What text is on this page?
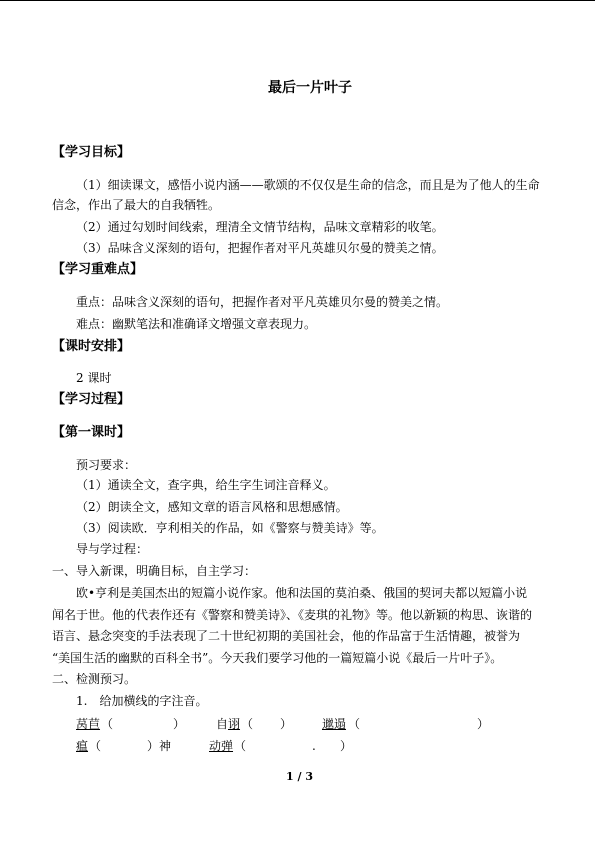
最后一片叶子
【学习目标】
（1）细读课文，感悟小说内涵——歌颂的不仅仅是生命的信念，而且是为了他人的生命
信念，作出了最大的自我牺牲。
（2）通过勾划时间线索，理清全文情节结构，品味文章精彩的收笔。
（3）品味含义深刻的语句，把握作者对平凡英雄贝尔曼的赞美之情。
【学习重难点】
重点：品味含义深刻的语句，把握作者对平凡英雄贝尔曼的赞美之情。
难点：幽默笔法和准确译文增强文章表现力。
【课时安排】
2 课时
【学习过程】
【第一课时】
预习要求：
（1）通读全文，查字典，给生字生词注音释义。
（2）朗读全文，感知文章的语言风格和思想感情。
（3）阅读欧．亨利相关的作品，如《警察与赞美诗》等。
导与学过程：
一、导入新课，明确目标，自主学习：
欧•亨利是美国杰出的短篇小说作家。他和法国的莫泊桑、俄国的契诃夫都以短篇小说
闻名于世。他的代表作还有《警察和赞美诗》、《麦琪的礼物》等。他以新颖的构思、诙谐的
语言、悬念突变的手法表现了二十世纪初期的美国社会，他的作品富于生活情趣，被誉为
“美国生活的幽默的百科全书”。今天我们要学习他的一篇短篇小说《最后一片叶子》。
二、检测预习。
1.　给加横线的字注音。
莴苣 （	）	自 诩 （ ） 邋遢 （	）
瘟 （	） 神	动弹 （	. ）
1 / 3
